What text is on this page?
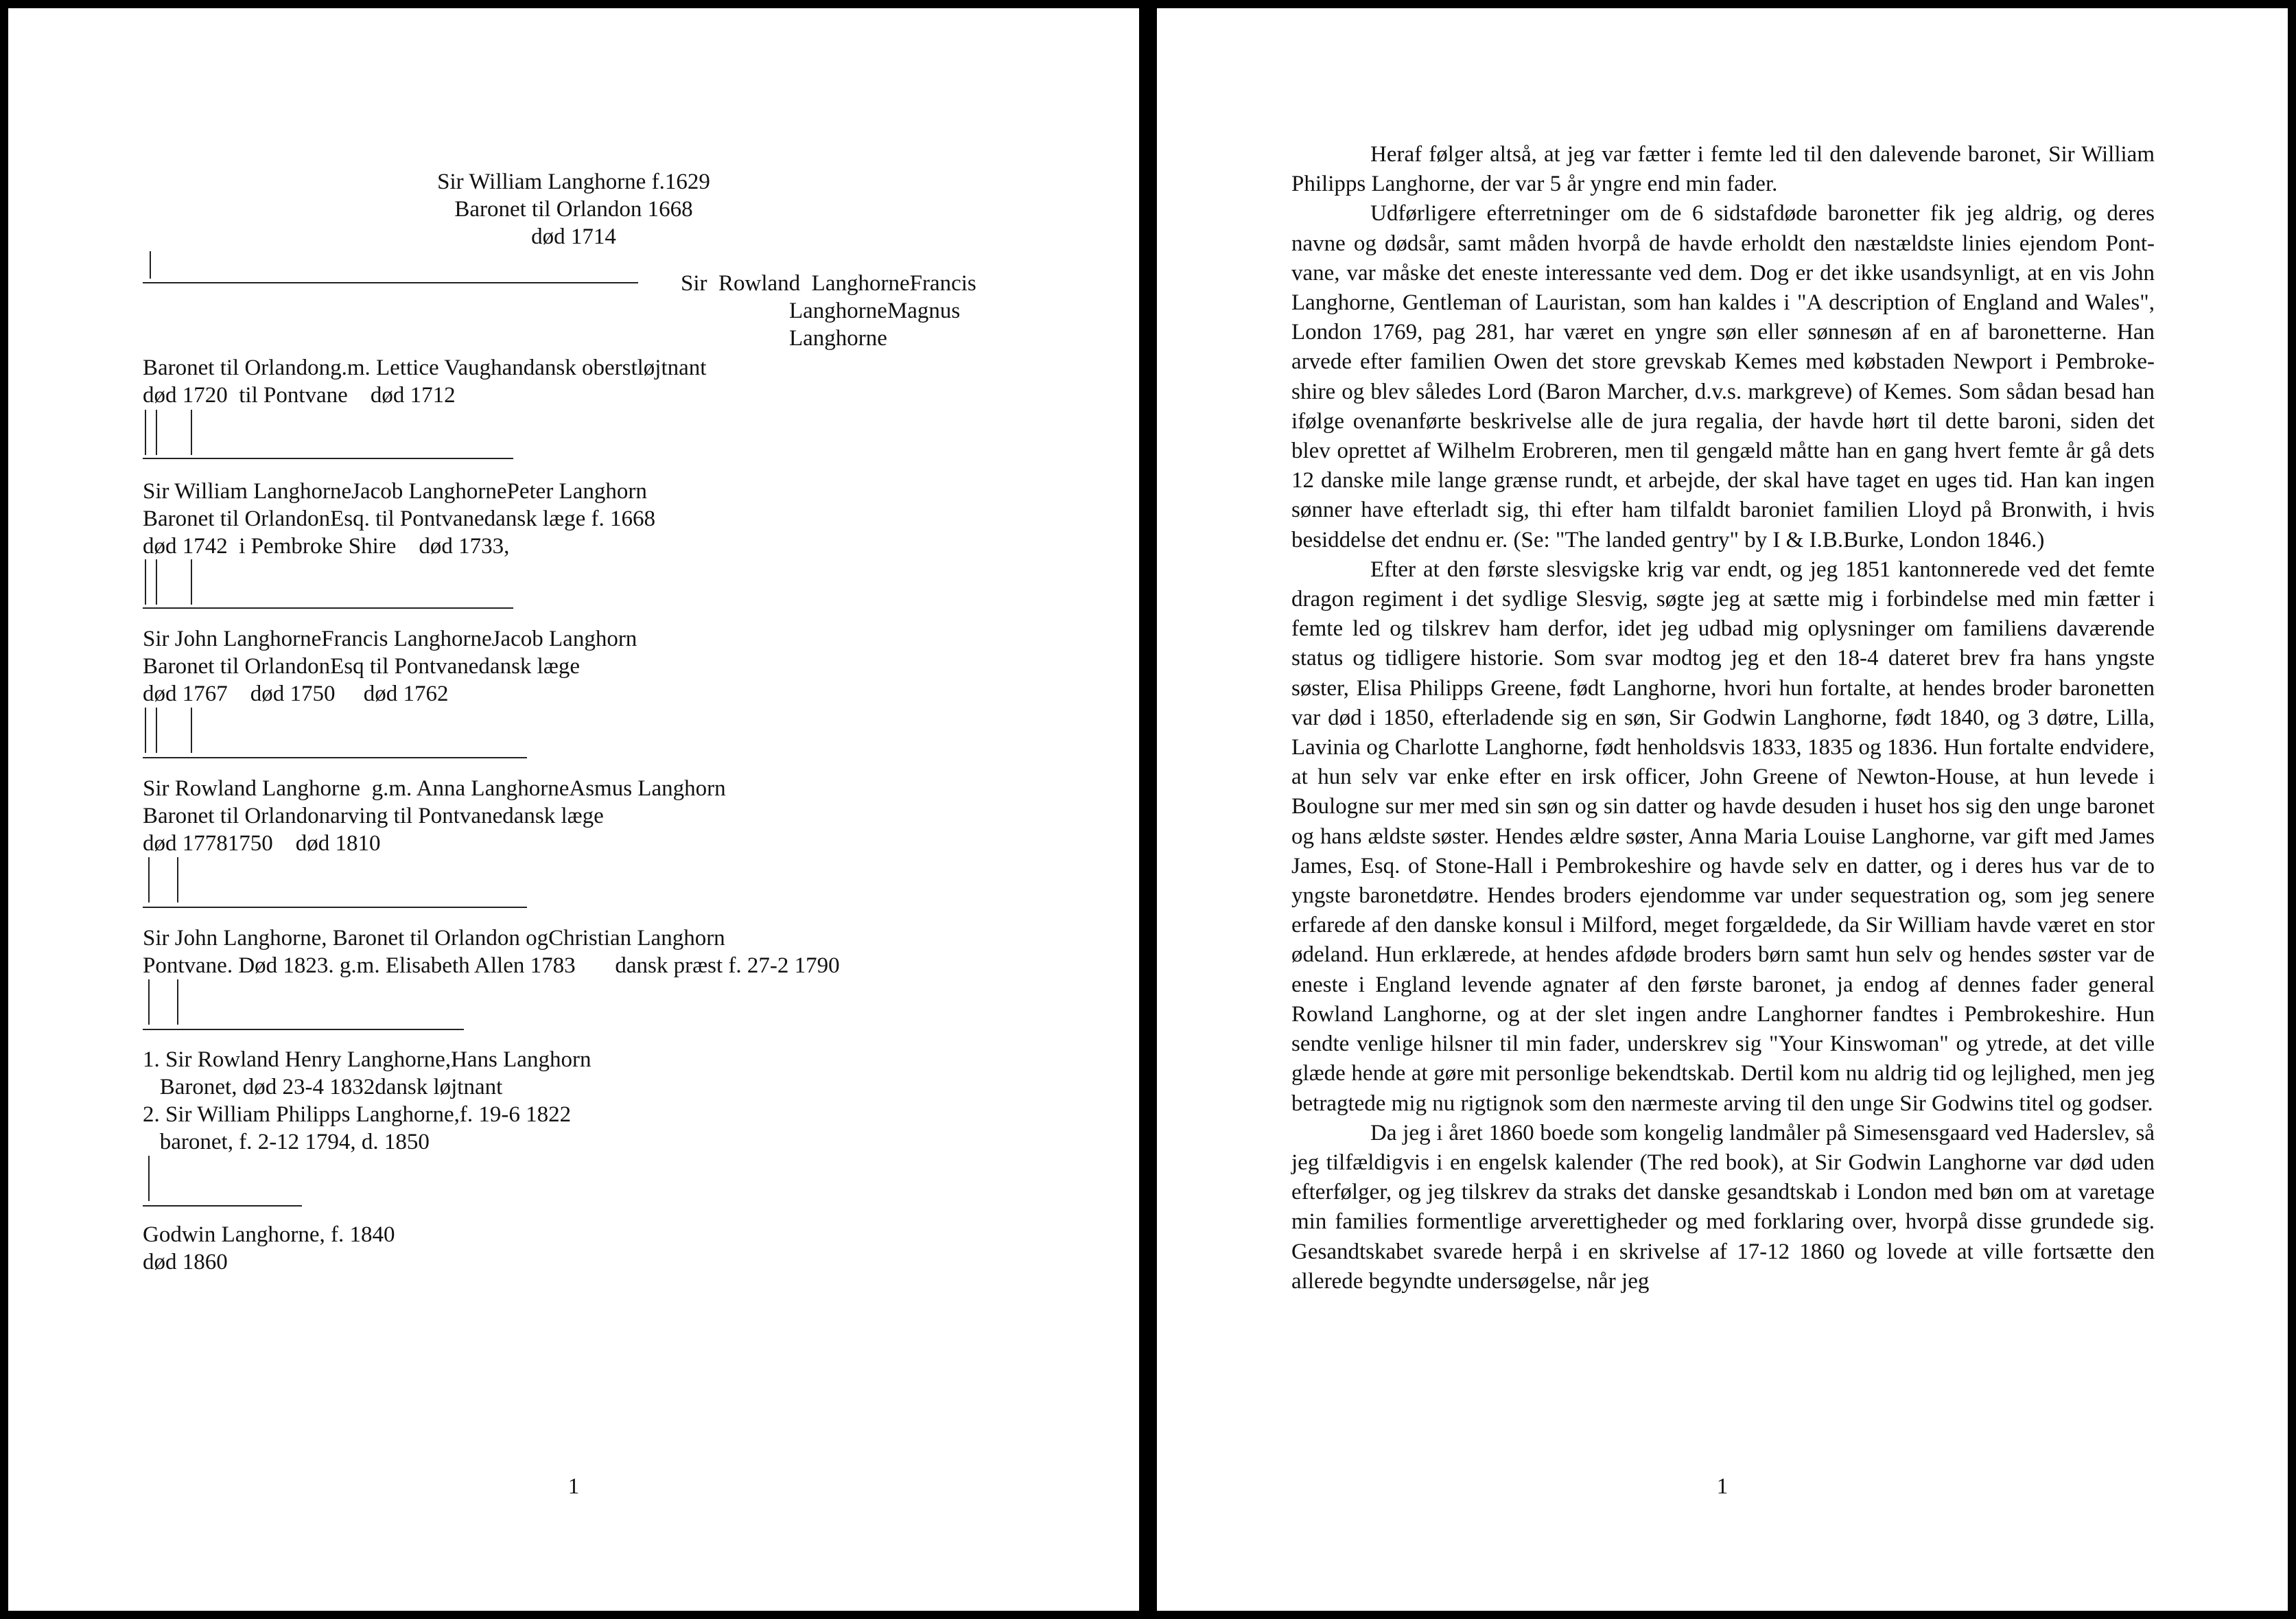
Sir William Langhorne f.1629
Baronet til Orlandon 1668
død 1714
Sir  Rowland  LanghorneFrancis
LanghorneMagnus
Langhorne
Baronet til Orlandong.m. Lettice Vaughandansk oberstløjtnant
død 1720  til Pontvane    død 1712
Sir William LanghorneJacob LanghornePeter Langhorn
Baronet til OrlandonEsq. til Pontvanedansk læge f. 1668
død 1742  i Pembroke Shire    død 1733,
Sir John LanghorneFrancis LanghorneJacob Langhorn
Baronet til OrlandonEsq til Pontvanedansk læge
død 1767    død 1750     død 1762
Sir Rowland Langhorne  g.m. Anna LanghorneAsmus Langhorn
Baronet til Orlandonarving til Pontvanedansk læge
død 17781750    død 1810
Sir John Langhorne, Baronet til Orlandon ogChristian Langhorn
Pontvane. Død 1823. g.m. Elisabeth Allen 1783       dansk præst f. 27-2 1790
1. Sir Rowland Henry Langhorne,Hans Langhorn
Baronet, død 23-4 1832dansk løjtnant
2. Sir William Philipps Langhorne,f. 19-6 1822
baronet, f. 2-12 1794, d. 1850
Godwin Langhorne, f. 1840
død 1860
1

Heraf følger altså, at jeg var fætter i femte led til den dalevende baronet, Sir William Philipps Langhorne, der var 5 år yngre end min fader.

Udførligere efterretninger om de 6 sidstafdøde baronetter fik jeg aldrig, og deres navne og dødsår, samt måden hvorpå de havde erholdt den næstældste linies ejendom Pont-vane, var måske det eneste interessante ved dem. Dog er det ikke usandsynligt, at en vis John Langhorne, Gentleman of Lauristan, som han kaldes i "A description of England and Wales", London 1769, pag 281, har været en yngre søn eller sønnesøn af en af baronetterne. Han arvede efter familien Owen det store grevskab Kemes med købstaden Newport i Pembroke-shire og blev således Lord (Baron Marcher, d.v.s. markgreve) of Kemes. Som sådan besad han ifølge ovenanførte beskrivelse alle de jura regalia, der havde hørt til dette baroni, siden det blev oprettet af Wilhelm Erobreren, men til gengæld måtte han en gang hvert femte år gå dets 12 danske mile lange grænse rundt, et arbejde, der skal have taget en uges tid. Han kan ingen sønner have efterladt sig, thi efter ham tilfaldt baroniet familien Lloyd på Bronwith, i hvis besiddelse det endnu er. (Se: "The landed gentry" by I & I.B.Burke, London 1846.)

Efter at den første slesvigske krig var endt, og jeg 1851 kantonnerede ved det femte dragon regiment i det sydlige Slesvig, søgte jeg at sætte mig i forbindelse med min fætter i femte led og tilskrev ham derfor, idet jeg udbad mig oplysninger om familiens daværende status og tidligere historie. Som svar modtog jeg et den 18-4 dateret brev fra hans yngste søster, Elisa Philipps Greene, født Langhorne, hvori hun fortalte, at hendes broder baronetten var død i 1850, efterladende sig en søn, Sir Godwin Langhorne, født 1840, og 3 døtre, Lilla, Lavinia og Charlotte Langhorne, født henholdsvis 1833, 1835 og 1836. Hun fortalte endvidere, at hun selv var enke efter en irsk officer, John Greene of Newton-House, at hun levede i Boulogne sur mer med sin søn og sin datter og havde desuden i huset hos sig den unge baronet og hans ældste søster. Hendes ældre søster, Anna Maria Louise Langhorne, var gift med James James, Esq. of Stone-Hall i Pembrokeshire og havde selv en datter, og i deres hus var de to yngste baronetdøtre. Hendes broders ejendomme var under sequestration og, som jeg senere erfarede af den danske konsul i Milford, meget forgældede, da Sir William havde været en stor ødeland. Hun erklærede, at hendes afdøde broders børn samt hun selv og hendes søster var de eneste i England levende agnater af den første baronet, ja endog af dennes fader general Rowland Langhorne, og at der slet ingen andre Langhorner fandtes i Pembrokeshire. Hun sendte venlige hilsner til min fader, underskrev sig "Your Kinswoman" og ytrede, at det ville glæde hende at gøre mit personlige bekendtskab. Dertil kom nu aldrig tid og lejlighed, men jeg betragtede mig nu rigtignok som den nærmeste arving til den unge Sir Godwins titel og godser.

Da jeg i året 1860 boede som kongelig landmåler på Simesensgaard ved Haderslev, så jeg tilfældigvis i en engelsk kalender (The red book), at Sir Godwin Langhorne var død uden efterfølger, og jeg tilskrev da straks det danske gesandtskab i London med bøn om at varetage min families formentlige arverettigheder og med forklaring over, hvorpå disse grundede sig. Gesandtskabet svarede herpå i en skrivelse af 17-12 1860 og lovede at ville fortsætte den allerede begyndte undersøgelse, når jeg

1
